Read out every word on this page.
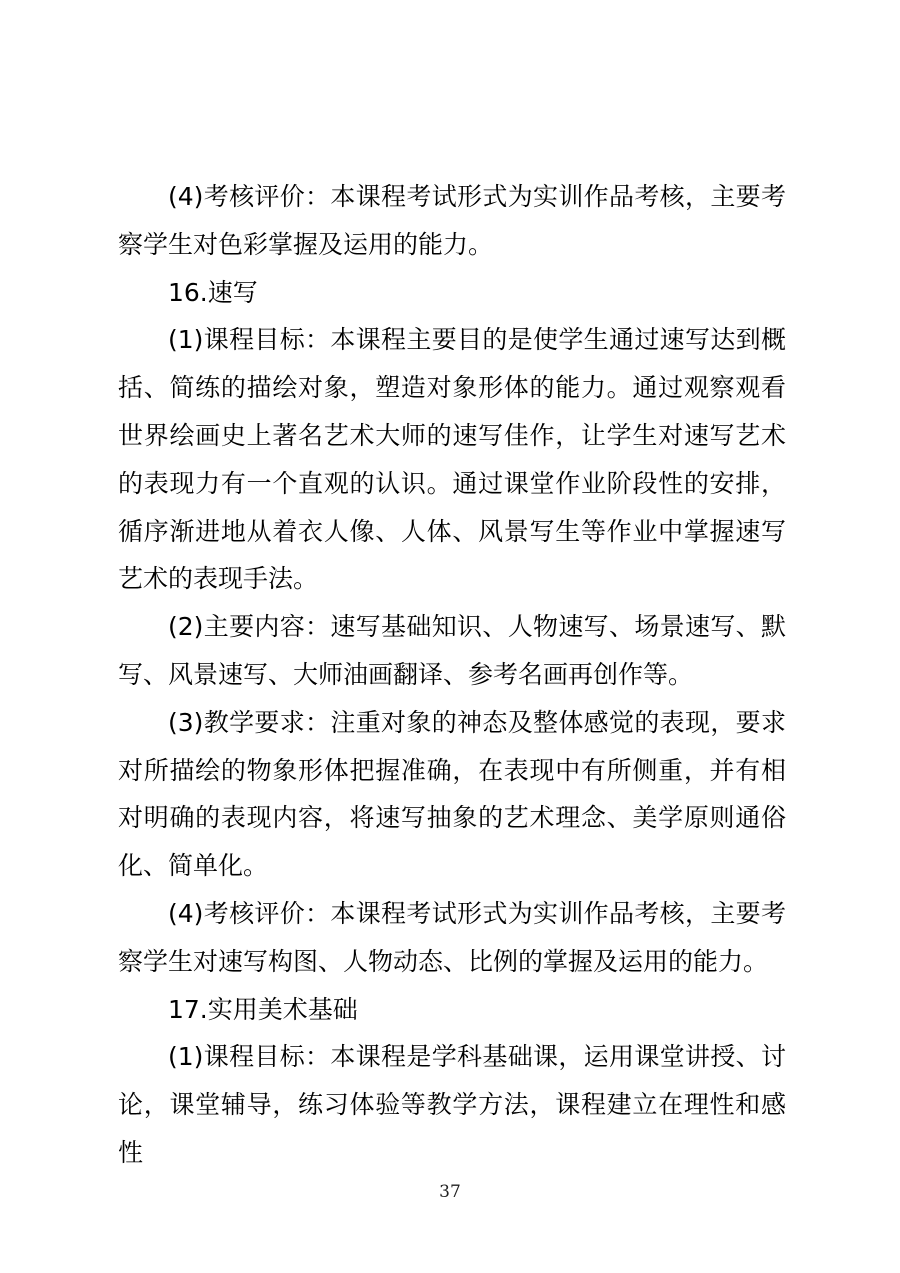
(4)考核评价：本课程考试形式为实训作品考核，主要考察学生对色彩掌握及运用的能力。

16.速写

(1)课程目标：本课程主要目的是使学生通过速写达到概括、简练的描绘对象，塑造对象形体的能力。通过观察观看世界绘画史上著名艺术大师的速写佳作，让学生对速写艺术的表现力有一个直观的认识。通过课堂作业阶段性的安排，循序渐进地从着衣人像、人体、风景写生等作业中掌握速写艺术的表现手法。

(2)主要内容：速写基础知识、人物速写、场景速写、默写、风景速写、大师油画翻译、参考名画再创作等。

(3)教学要求：注重对象的神态及整体感觉的表现，要求对所描绘的物象形体把握准确，在表现中有所侧重，并有相对明确的表现内容，将速写抽象的艺术理念、美学原则通俗化、简单化。

(4)考核评价：本课程考试形式为实训作品考核，主要考察学生对速写构图、人物动态、比例的掌握及运用的能力。

17.实用美术基础

(1)课程目标：本课程是学科基础课，运用课堂讲授、讨论，课堂辅导，练习体验等教学方法，课程建立在理性和感性

37
